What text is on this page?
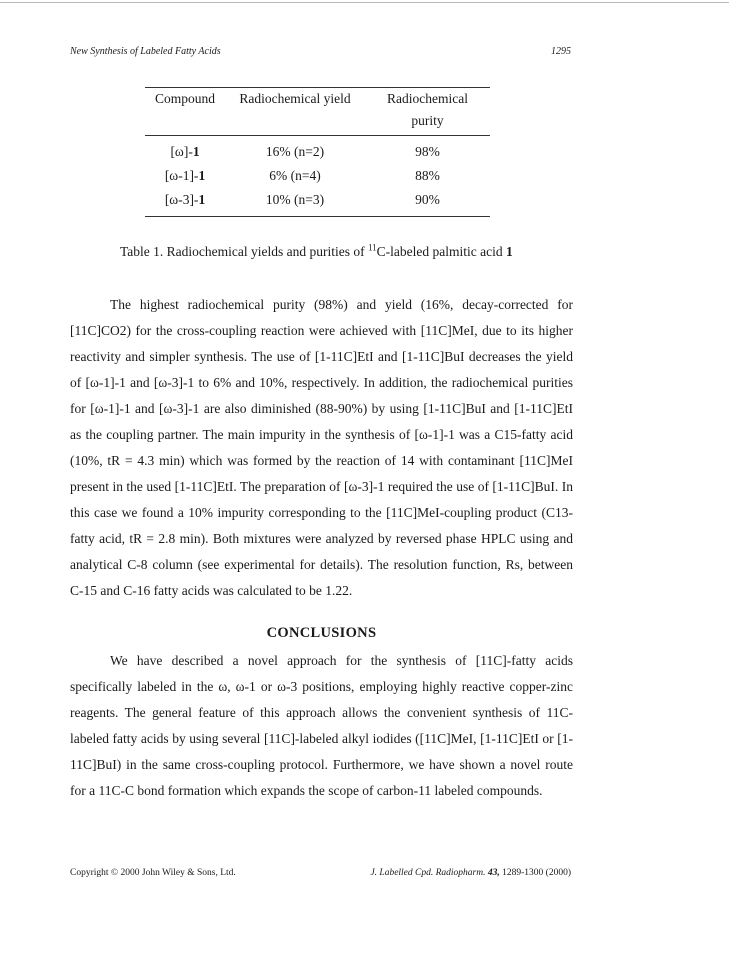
New Synthesis of Labeled Fatty Acids	1295
Compound	Radiochemical yield	Radiochemical
		purity
[ω]-1	16% (n=2)	98%
[ω-1]-1	6% (n=4)	88%
[ω-3]-1	10% (n=3)	90%
Table 1. Radiochemical yields and purities of $^{11}$C-labeled palmitic acid 1
The highest radiochemical purity (98%) and yield (16%, decay-corrected for [11C]CO2) for the cross-coupling reaction were achieved with [11C]MeI, due to its higher reactivity and simpler synthesis. The use of [1-11C]EtI and [1-11C]BuI decreases the yield of [ω-1]-1 and [ω-3]-1 to 6% and 10%, respectively. In addition, the radiochemical purities for [ω-1]-1 and [ω-3]-1 are also diminished (88-90%) by using [1-11C]BuI and [1-11C]EtI as the coupling partner. The main impurity in the synthesis of [ω-1]-1 was a C15-fatty acid (10%, tR = 4.3 min) which was formed by the reaction of 14 with contaminant [11C]MeI present in the used [1-11C]EtI. The preparation of [ω-3]-1 required the use of [1-11C]BuI. In this case we found a 10% impurity corresponding to the [11C]MeI-coupling product (C13-fatty acid, tR = 2.8 min). Both mixtures were analyzed by reversed phase HPLC using and analytical C-8 column (see experimental for details). The resolution function, Rs, between C-15 and C-16 fatty acids was calculated to be 1.22.
CONCLUSIONS
We have described a novel approach for the synthesis of [11C]-fatty acids specifically labeled in the ω, ω-1 or ω-3 positions, employing highly reactive copper-zinc reagents. The general feature of this approach allows the convenient synthesis of 11C-labeled fatty acids by using several [11C]-labeled alkyl iodides ([11C]MeI, [1-11C]EtI or [1-11C]BuI) in the same cross-coupling protocol. Furthermore, we have shown a novel route for a 11C-C bond formation which expands the scope of carbon-11 labeled compounds.
Copyright © 2000 John Wiley & Sons, Ltd.	J. Labelled Cpd. Radiopharm. 43, 1289-1300 (2000)
